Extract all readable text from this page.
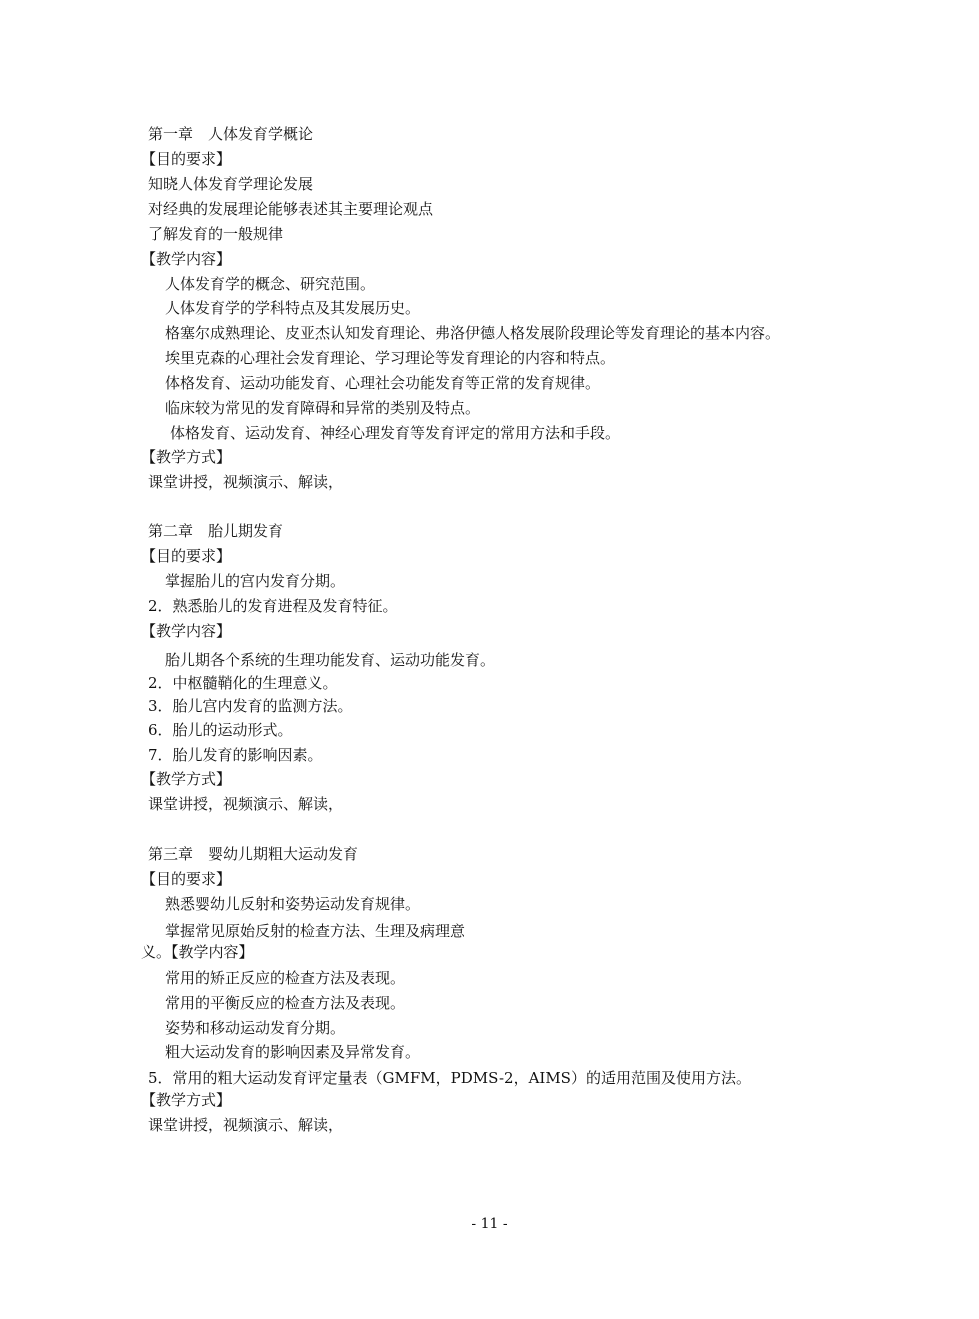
第一章　人体发育学概论
【目的要求】
知晓人体发育学理论发展
对经典的发展理论能够表述其主要理论观点
了解发育的一般规律
【教学内容】
人体发育学的概念、研究范围。
人体发育学的学科特点及其发展历史。
格塞尔成熟理论、皮亚杰认知发育理论、弗洛伊德人格发展阶段理论等发育理论的基本内容。
埃里克森的心理社会发育理论、学习理论等发育理论的内容和特点。
体格发育、运动功能发育、心理社会功能发育等正常的发育规律。
临床较为常见的发育障碍和异常的类别及特点。
体格发育、运动发育、神经心理发育等发育评定的常用方法和手段。
【教学方式】
课堂讲授，视频演示、解读，
第二章　胎儿期发育
【目的要求】
掌握胎儿的宫内发育分期。
2．熟悉胎儿的发育进程及发育特征。
【教学内容】
胎儿期各个系统的生理功能发育、运动功能发育。
2．中枢髓鞘化的生理意义。
3．胎儿宫内发育的监测方法。
6．胎儿的运动形式。
7．胎儿发育的影响因素。
【教学方式】
课堂讲授，视频演示、解读，
第三章　婴幼儿期粗大运动发育
【目的要求】
熟悉婴幼儿反射和姿势运动发育规律。
掌握常见原始反射的检查方法、生理及病理意
义。【教学内容】
常用的矫正反应的检查方法及表现。
常用的平衡反应的检查方法及表现。
姿势和移动运动发育分期。
粗大运动发育的影响因素及异常发育。
5．常用的粗大运动发育评定量表（GMFM，PDMS-2，AIMS）的适用范围及使用方法。
【教学方式】
课堂讲授，视频演示、解读，
- 11 -
